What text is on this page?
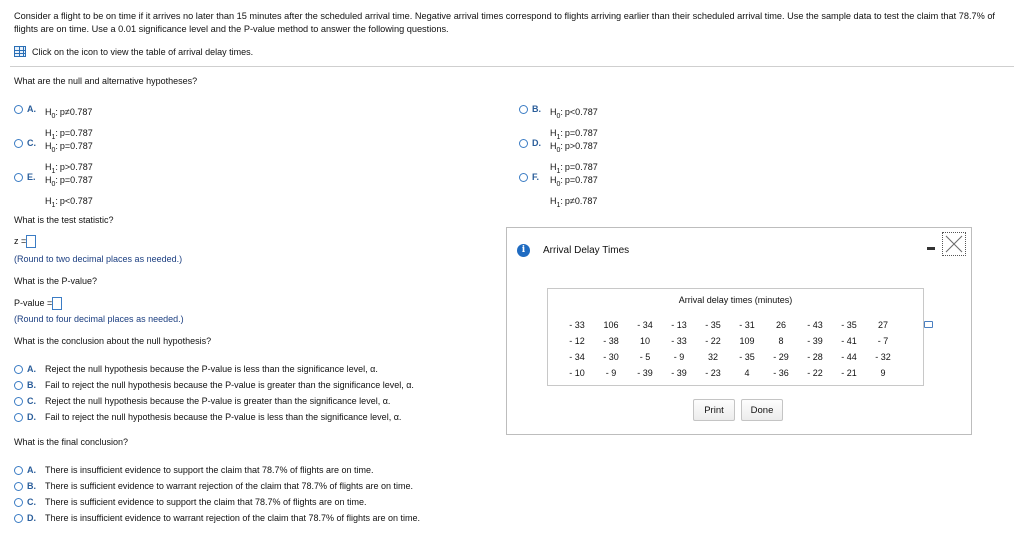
Consider a flight to be on time if it arrives no later than 15 minutes after the scheduled arrival time. Negative arrival times correspond to flights arriving earlier than their scheduled arrival time. Use the sample data to test the claim that 78.7% of flights are on time. Use a 0.01 significance level and the P-value method to answer the following questions.
Click on the icon to view the table of arrival delay times.
What are the null and alternative hypotheses?
A.	$H_0$: p≠0.787
$H_1$: p=0.787
B.	$H_0$: p<0.787
$H_1$: p=0.787
C.	$H_0$: p=0.787
$H_1$: p>0.787
D.	$H_0$: p>0.787
$H_1$: p=0.787
E.	$H_0$: p=0.787
$H_1$: p<0.787
F.	$H_0$: p=0.787
$H_1$: p≠0.787
What is the test statistic?
z =
(Round to two decimal places as needed.)
What is the P-value?
P-value =
(Round to four decimal places as needed.)
What is the conclusion about the null hypothesis?
A.	Reject the null hypothesis because the P-value is less than the significance level, α.
B.	Fail to reject the null hypothesis because the P-value is greater than the significance level, α.
C.	Reject the null hypothesis because the P-value is greater than the significance level, α.
D.	Fail to reject the null hypothesis because the P-value is less than the significance level, α.
What is the final conclusion?
A.	There is insufficient evidence to support the claim that 78.7% of flights are on time.
B.	There is sufficient evidence to warrant rejection of the claim that 78.7% of flights are on time.
C.	There is sufficient evidence to support the claim that 78.7% of flights are on time.
D.	There is insufficient evidence to warrant rejection of the claim that 78.7% of flights are on time.
i	Arrival Delay Times
Arrival delay times (minutes)
- 33	106	- 34	- 13	- 35	- 31	26	- 43	- 35	27
- 12	- 38	10	- 33	- 22	109	8	- 39	- 41	- 7
- 34	- 30	- 5	- 9	32	- 35	- 29	- 28	- 44	- 32
- 10	- 9	- 39	- 39	- 23	4	- 36	- 22	- 21	9
Print	Done
